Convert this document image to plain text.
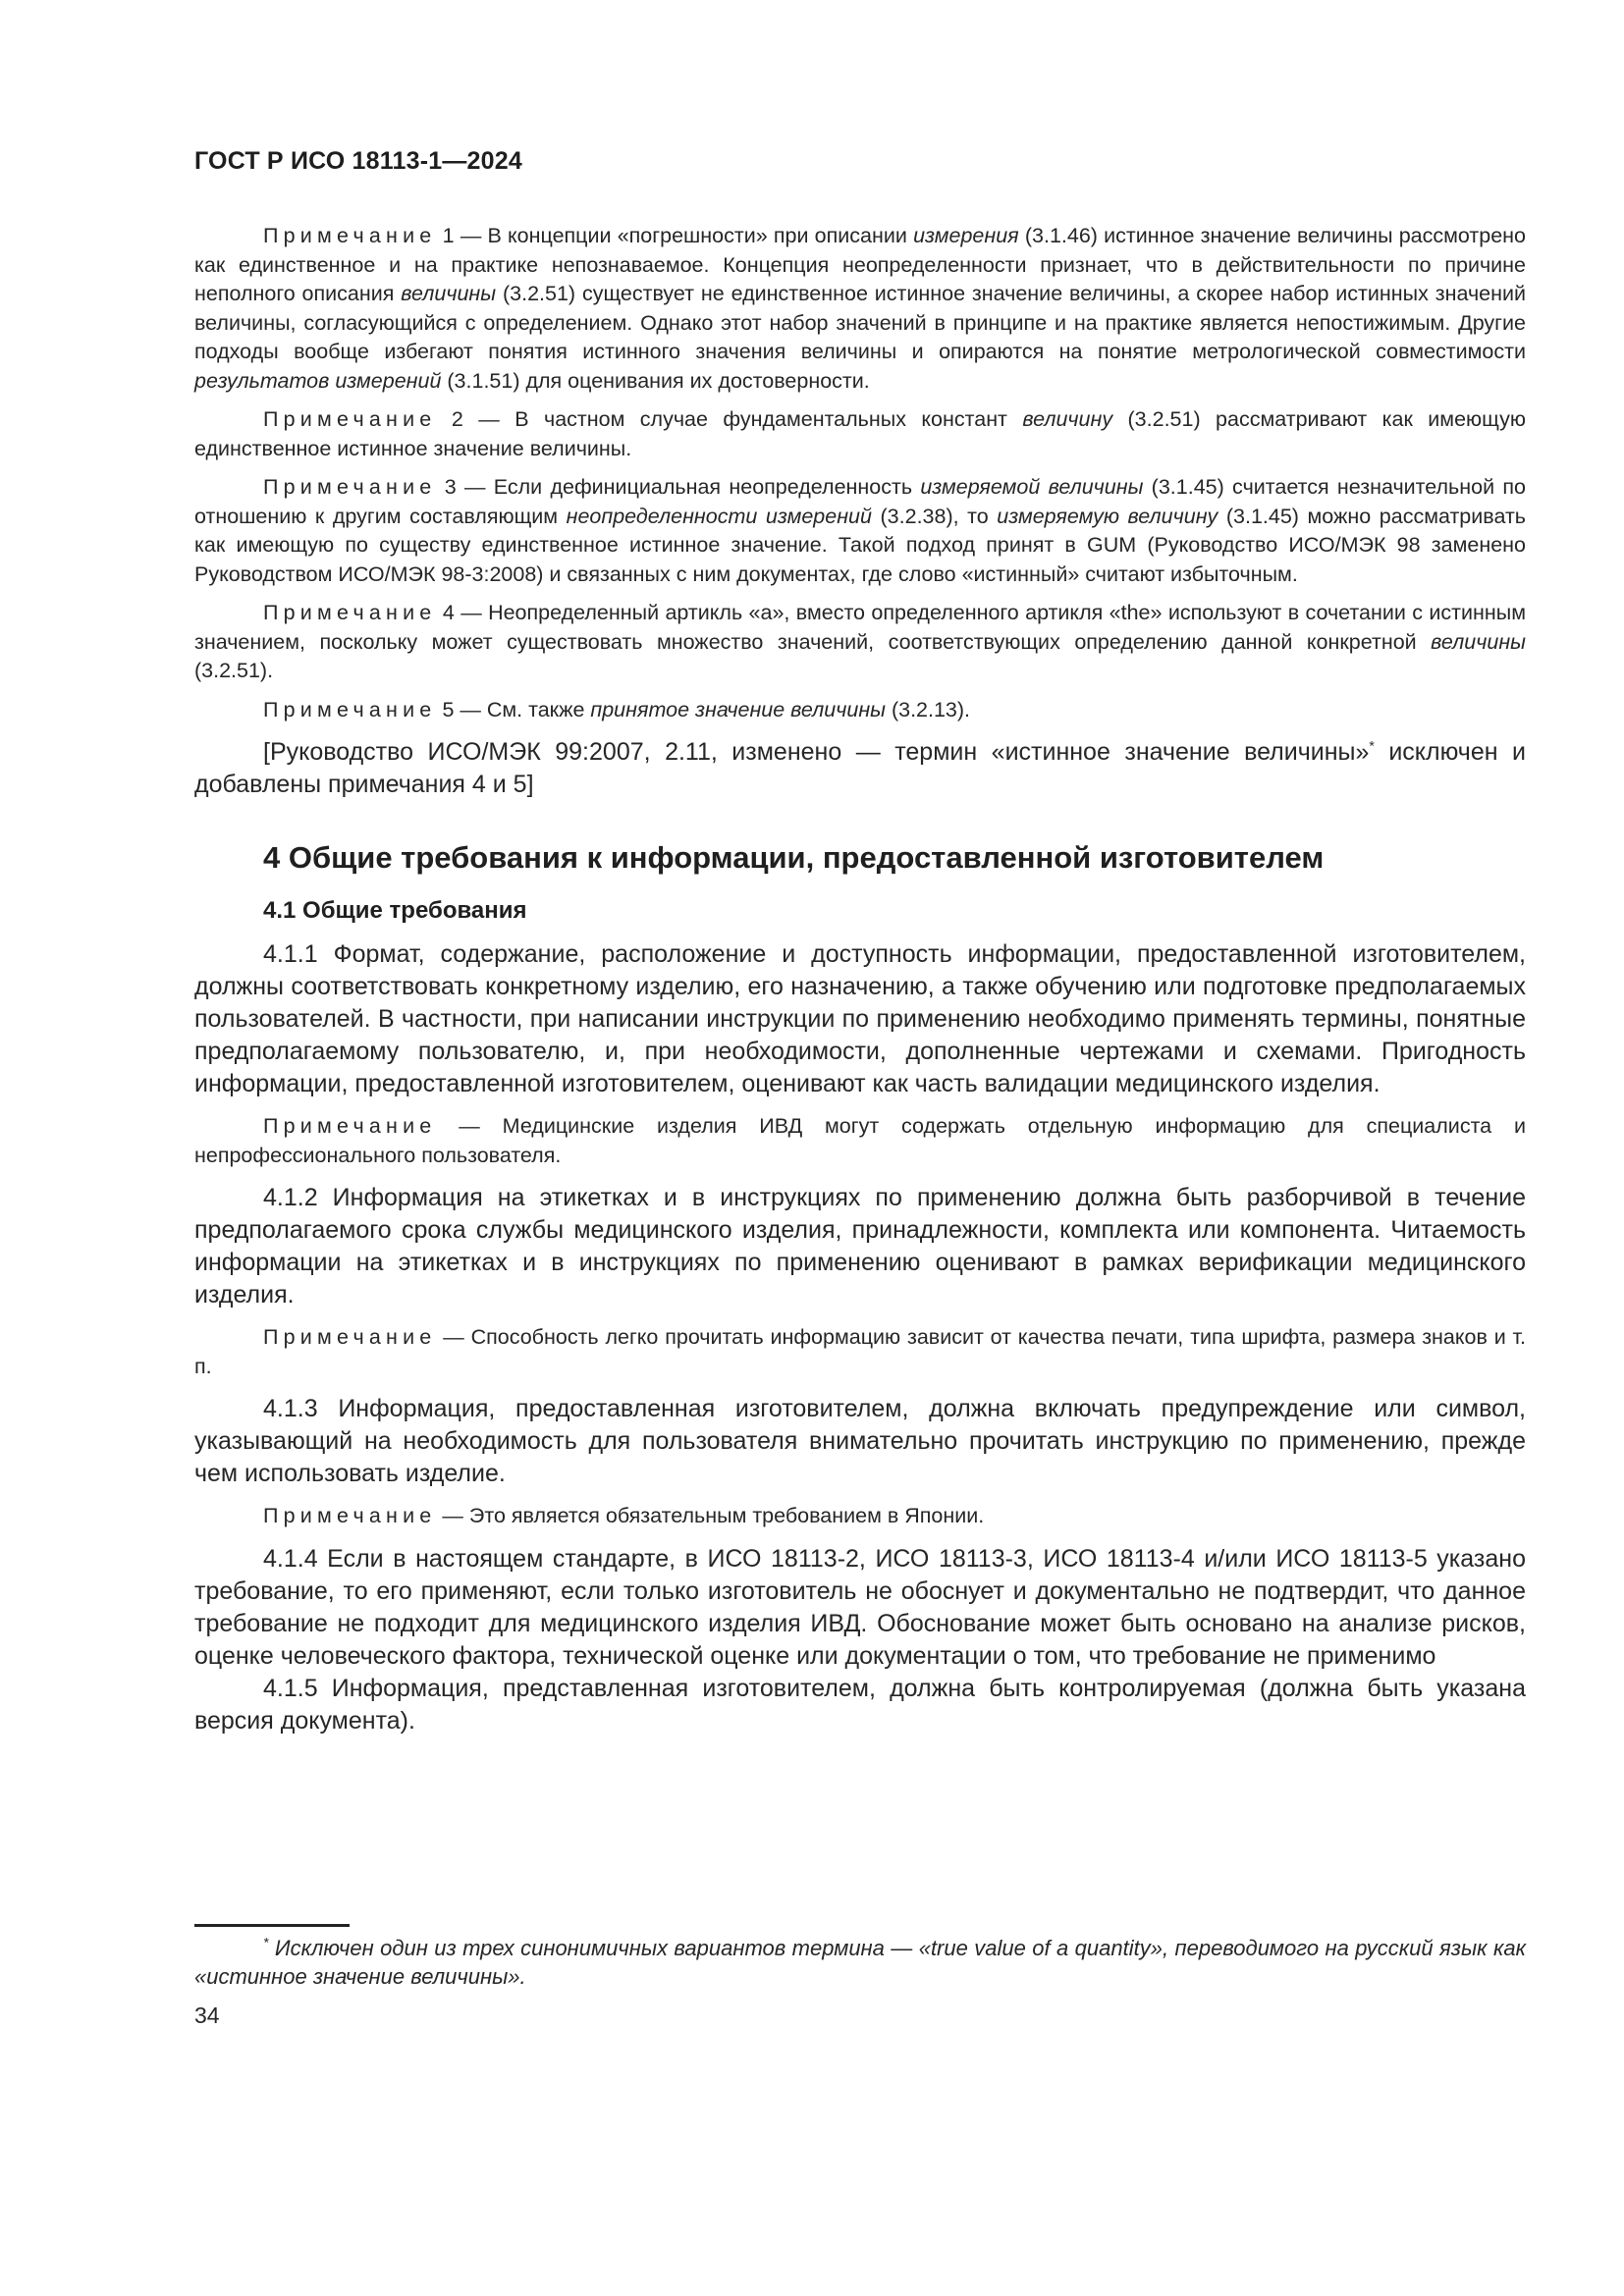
ГОСТ Р ИСО 18113-1—2024

Примечание 1 — В концепции «погрешности» при описании измерения (3.1.46) истинное значение величины рассмотрено как единственное и на практике непознаваемое. Концепция неопределенности признает, что в действительности по причине неполного описания величины (3.2.51) существует не единственное истинное значение величины, а скорее набор истинных значений величины, согласующийся с определением. Однако этот набор значений в принципе и на практике является непостижимым. Другие подходы вообще избегают понятия истинного значения величины и опираются на понятие метрологической совместимости результатов измерений (3.1.51) для оценивания их достоверности.

Примечание 2 — В частном случае фундаментальных констант величину (3.2.51) рассматривают как имеющую единственное истинное значение величины.

Примечание 3 — Если дефинициальная неопределенность измеряемой величины (3.1.45) считается незначительной по отношению к другим составляющим неопределенности измерений (3.2.38), то измеряемую величину (3.1.45) можно рассматривать как имеющую по существу единственное истинное значение. Такой подход принят в GUM (Руководство ИСО/МЭК 98 заменено Руководством ИСО/МЭК 98-3:2008) и связанных с ним документах, где слово «истинный» считают избыточным.

Примечание 4 — Неопределенный артикль «а», вместо определенного артикля «the» используют в сочетании с истинным значением, поскольку может существовать множество значений, соответствующих определению данной конкретной величины (3.2.51).

Примечание 5 — См. также принятое значение величины (3.2.13).

[Руководство ИСО/МЭК 99:2007, 2.11, изменено — термин «истинное значение величины»* исключен и добавлены примечания 4 и 5]

4 Общие требования к информации, предоставленной изготовителем
4.1 Общие требования

4.1.1 Формат, содержание, расположение и доступность информации, предоставленной изготовителем, должны соответствовать конкретному изделию, его назначению, а также обучению или подготовке предполагаемых пользователей. В частности, при написании инструкции по применению необходимо применять термины, понятные предполагаемому пользователю, и, при необходимости, дополненные чертежами и схемами. Пригодность информации, предоставленной изготовителем, оценивают как часть валидации медицинского изделия.

Примечание — Медицинские изделия ИВД могут содержать отдельную информацию для специалиста и непрофессионального пользователя.

4.1.2 Информация на этикетках и в инструкциях по применению должна быть разборчивой в течение предполагаемого срока службы медицинского изделия, принадлежности, комплекта или компонента. Читаемость информации на этикетках и в инструкциях по применению оценивают в рамках верификации медицинского изделия.

Примечание — Способность легко прочитать информацию зависит от качества печати, типа шрифта, размера знаков и т. п.

4.1.3 Информация, предоставленная изготовителем, должна включать предупреждение или символ, указывающий на необходимость для пользователя внимательно прочитать инструкцию по применению, прежде чем использовать изделие.

Примечание — Это является обязательным требованием в Японии.

4.1.4 Если в настоящем стандарте, в ИСО 18113-2, ИСО 18113-3, ИСО 18113-4 и/или ИСО 18113-5 указано требование, то его применяют, если только изготовитель не обоснует и документально не подтвердит, что данное требование не подходит для медицинского изделия ИВД. Обоснование может быть основано на анализе рисков, оценке человеческого фактора, технической оценке или документации о том, что требование не применимо

4.1.5 Информация, представленная изготовителем, должна быть контролируемая (должна быть указана версия документа).

* Исключен один из трех синонимичных вариантов термина — «true value of a quantity», переводимого на русский язык как «истинное значение величины».

34
